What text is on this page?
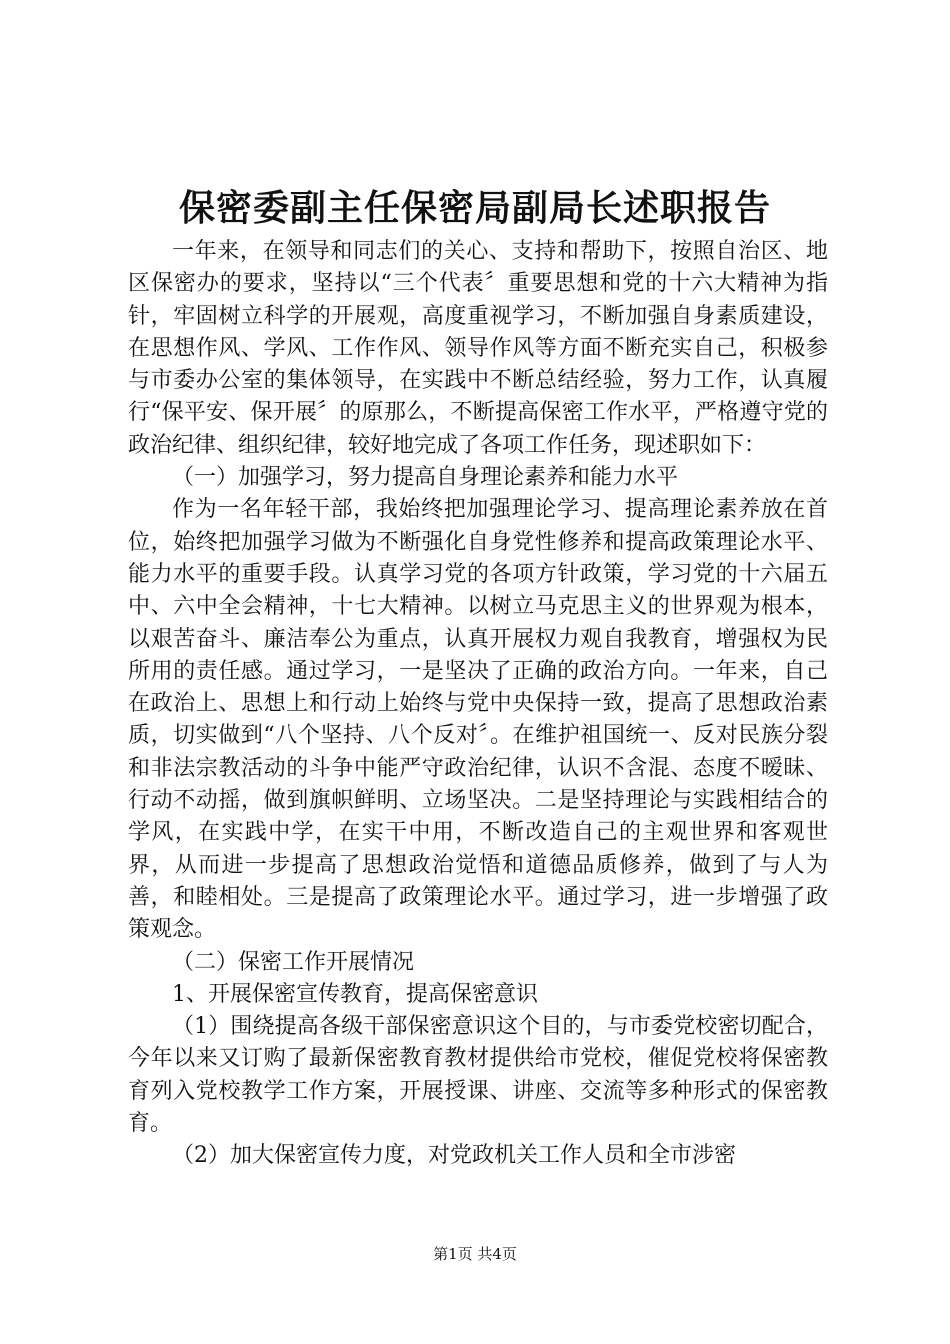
保密委副主任保密局副局长述职报告

一年来，在领导和同志们的关心、支持和帮助下，按照自治区、地区保密办的要求，坚持以“三个代表〞重要思想和党的十六大精神为指针，牢固树立科学的开展观，高度重视学习，不断加强自身素质建设，在思想作风、学风、工作作风、领导作风等方面不断充实自己，积极参与市委办公室的集体领导，在实践中不断总结经验，努力工作，认真履行“保平安、保开展〞的原那么，不断提高保密工作水平，严格遵守党的政治纪律、组织纪律，较好地完成了各项工作任务，现述职如下：

（一）加强学习，努力提高自身理论素养和能力水平

作为一名年轻干部，我始终把加强理论学习、提高理论素养放在首位，始终把加强学习做为不断强化自身党性修养和提高政策理论水平、能力水平的重要手段。认真学习党的各项方针政策，学习党的十六届五中、六中全会精神，十七大精神。以树立马克思主义的世界观为根本，以艰苦奋斗、廉洁奉公为重点，认真开展权力观自我教育，增强权为民所用的责任感。通过学习，一是坚决了正确的政治方向。一年来，自己在政治上、思想上和行动上始终与党中央保持一致，提高了思想政治素质，切实做到“八个坚持、八个反对〞。在维护祖国统一、反对民族分裂和非法宗教活动的斗争中能严守政治纪律，认识不含混、态度不暧昧、行动不动摇，做到旗帜鲜明、立场坚决。二是坚持理论与实践相结合的学风，在实践中学，在实干中用，不断改造自己的主观世界和客观世界，从而进一步提高了思想政治觉悟和道德品质修养，做到了与人为善，和睦相处。三是提高了政策理论水平。通过学习，进一步增强了政策观念。

（二）保密工作开展情况

1、开展保密宣传教育，提高保密意识

（1）围绕提高各级干部保密意识这个目的，与市委党校密切配合，今年以来又订购了最新保密教育教材提供给市党校，催促党校将保密教育列入党校教学工作方案，开展授课、讲座、交流等多种形式的保密教育。

（2）加大保密宣传力度，对党政机关工作人员和全市涉密

第1页 共4页
